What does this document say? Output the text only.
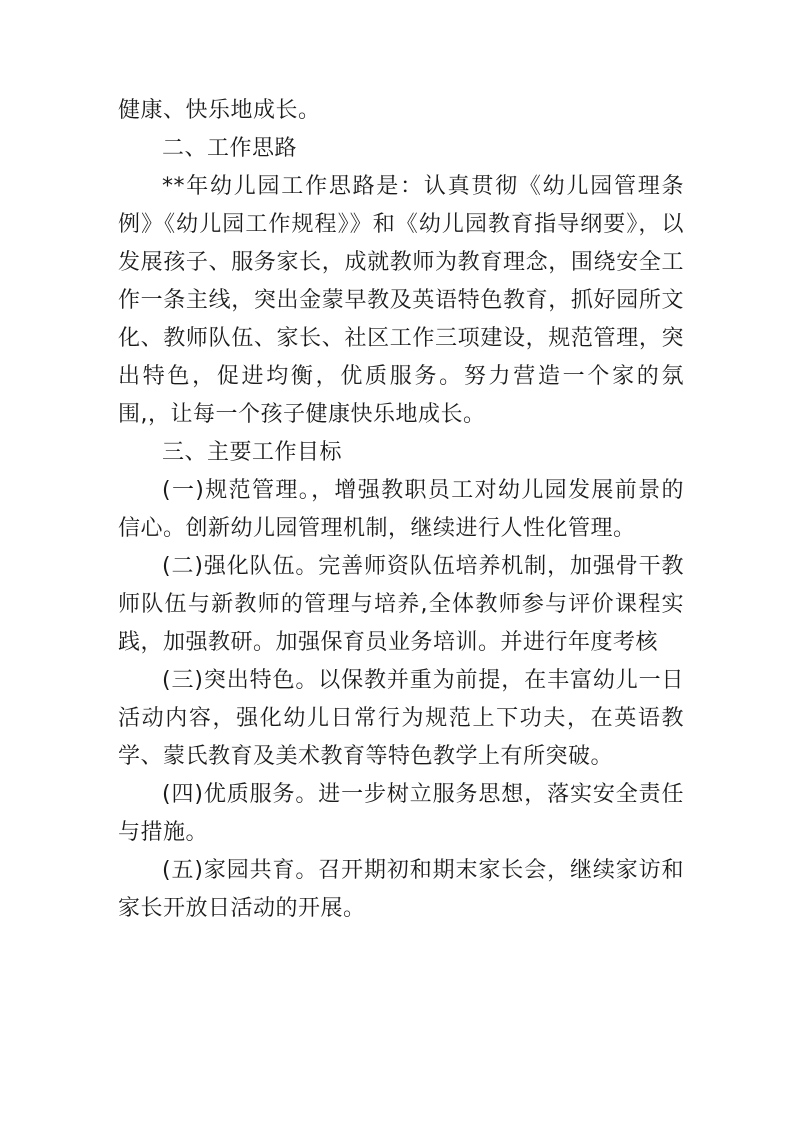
健康、快乐地成长。

二、工作思路

**年幼儿园工作思路是：认真贯彻《幼儿园管理条例》《幼儿园工作规程》》和《幼儿园教育指导纲要》，以发展孩子、服务家长，成就教师为教育理念，围绕安全工作一条主线，突出金蒙早教及英语特色教育，抓好园所文化、教师队伍、家长、社区工作三项建设，规范管理，突出特色，促进均衡，优质服务。努力营造一个家的氛围,，让每一个孩子健康快乐地成长。

三、主要工作目标

(一)规范管理。，增强教职员工对幼儿园发展前景的信心。创新幼儿园管理机制，继续进行人性化管理。

(二)强化队伍。完善师资队伍培养机制，加强骨干教师队伍与新教师的管理与培养,全体教师参与评价课程实践，加强教研。加强保育员业务培训。并进行年度考核

(三)突出特色。以保教并重为前提，在丰富幼儿一日活动内容，强化幼儿日常行为规范上下功夫，在英语教学、蒙氏教育及美术教育等特色教学上有所突破。

(四)优质服务。进一步树立服务思想，落实安全责任与措施。

(五)家园共育。召开期初和期末家长会，继续家访和家长开放日活动的开展。
